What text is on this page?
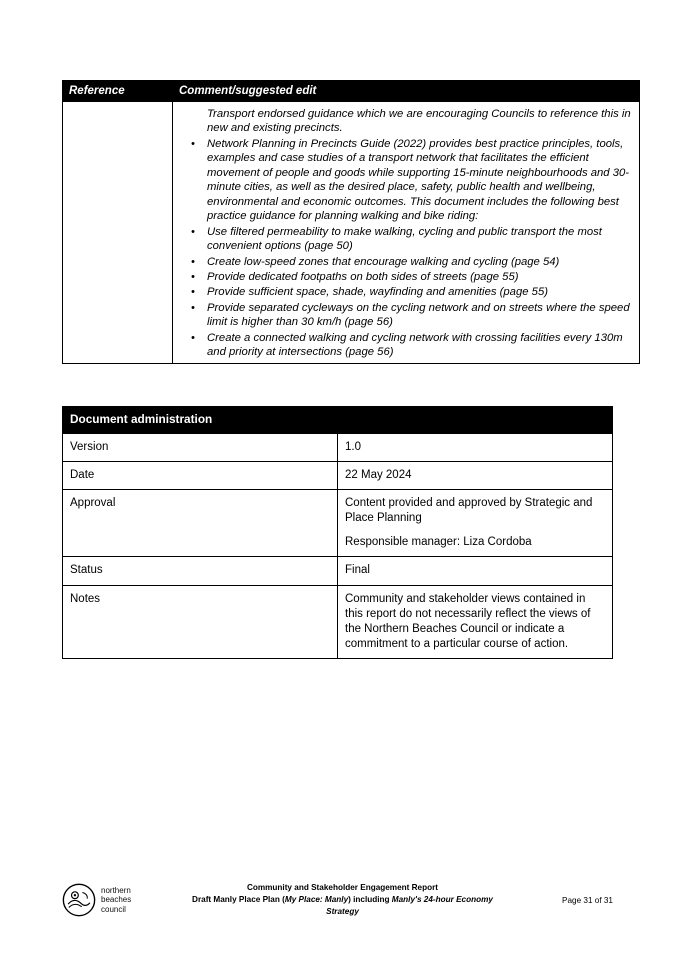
Reference	Comment/suggested edit

Transport endorsed guidance which we are encouraging Councils to reference this in new and existing precincts.
• Network Planning in Precincts Guide (2022) provides best practice principles, tools, examples and case studies of a transport network that facilitates the efficient movement of people and goods while supporting 15-minute neighbourhoods and 30-minute cities, as well as the desired place, safety, public health and wellbeing, environmental and economic outcomes. This document includes the following best practice guidance for planning walking and bike riding:
• Use filtered permeability to make walking, cycling and public transport the most convenient options (page 50)
• Create low-speed zones that encourage walking and cycling (page 54)
• Provide dedicated footpaths on both sides of streets (page 55)
• Provide sufficient space, shade, wayfinding and amenities (page 55)
• Provide separated cycleways on the cycling network and on streets where the speed limit is higher than 30 km/h (page 56)
• Create a connected walking and cycling network with crossing facilities every 130m and priority at intersections (page 56)
Document administration	
Version	1.0

Date	22 May 2024

Approval	Content provided and approved by Strategic and Place Planning

Responsible manager: Liza Cordoba

Status	Final

Notes	Community and stakeholder views contained in this report do not necessarily reflect the views of the Northern Beaches Council or indicate a commitment to a particular course of action.

northern
beaches
council
Community and Stakeholder Engagement Report
Draft Manly Place Plan (My Place: Manly) including Manly's 24-hour Economy
Strategy
Page 31 of 31
